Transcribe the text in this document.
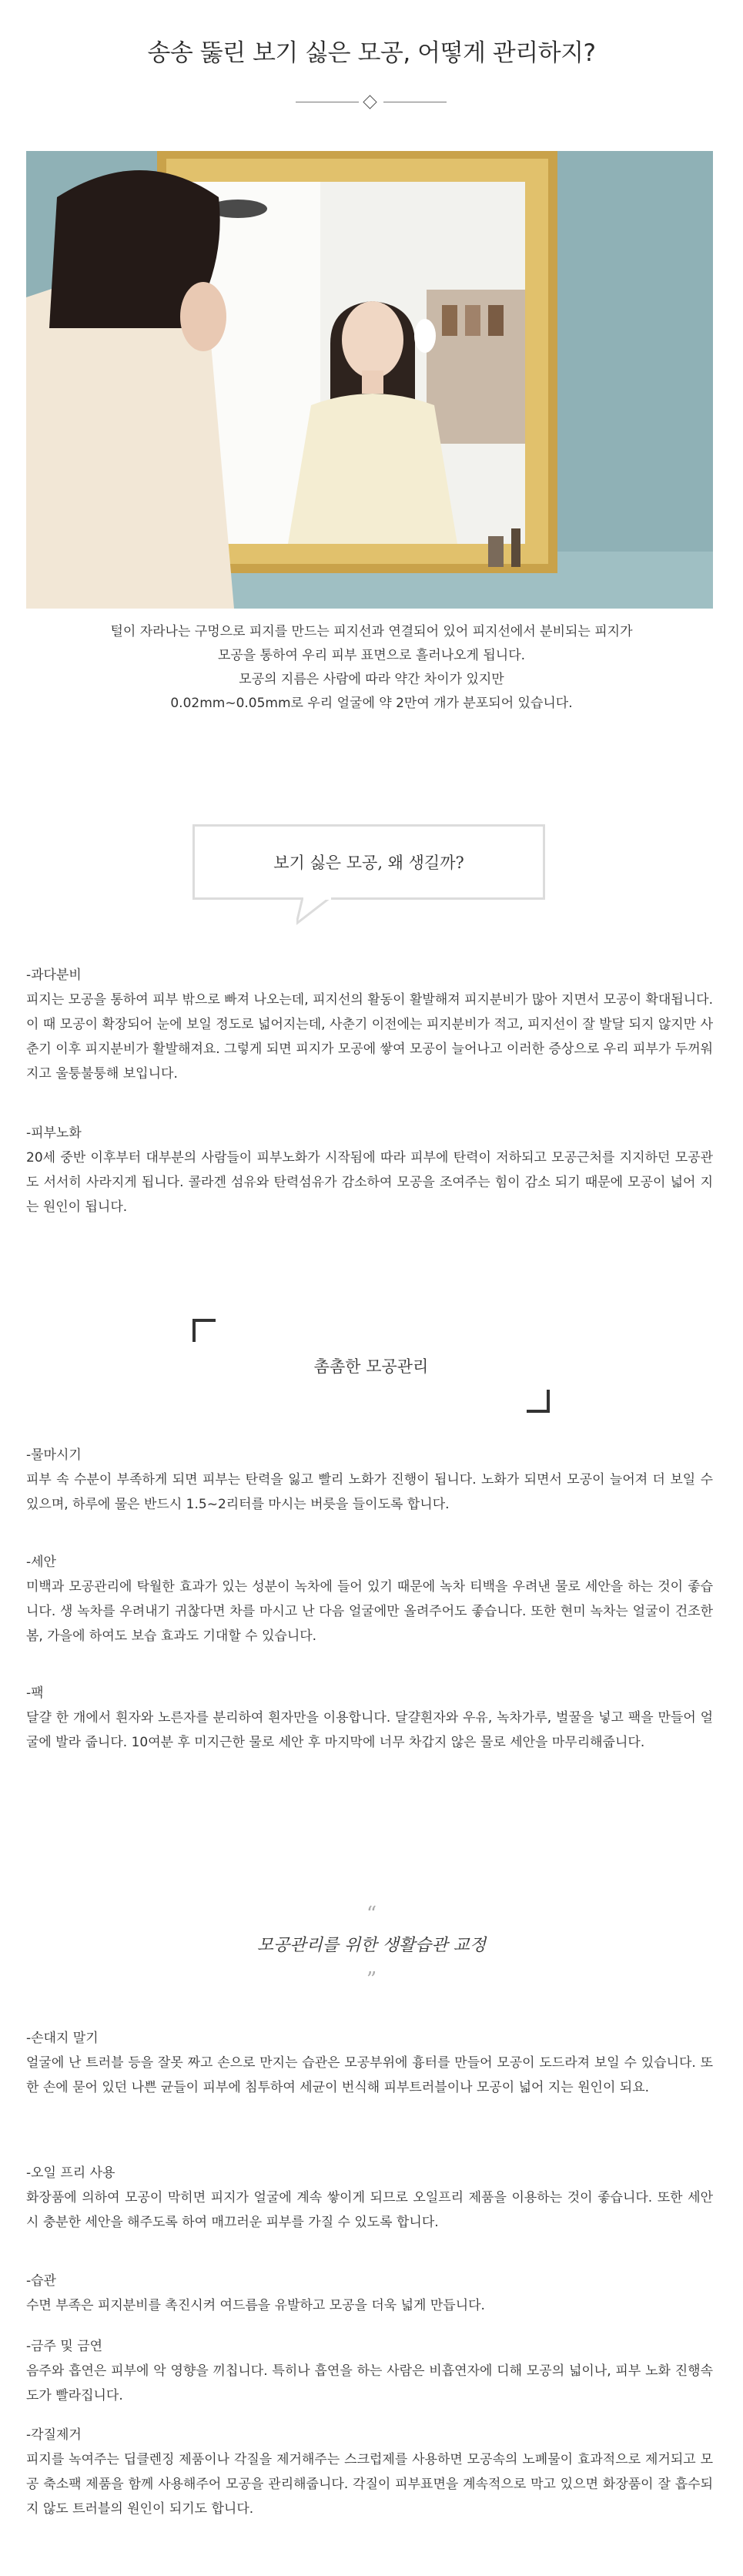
송송 뚫린 보기 싫은 모공, 어떻게 관리하지?

털이 자라나는 구멍으로 피지를 만드는 피지선과 연결되어 있어 피지선에서 분비되는 피지가

모공을 통하여 우리 피부 표면으로 흘러나오게 됩니다.

모공의 지름은 사람에 따라 약간 차이가 있지만

0.02mm~0.05mm로 우리 얼굴에 약 2만여 개가 분포되어 있습니다.

보기 싫은 모공, 왜 생길까?

-과다분비

피지는 모공을 통하여 피부 밖으로 빠져 나오는데, 피지선의 활동이 활발해져 피지분비가 많아 지면서 모공이 확대됩니다. 이 때 모공이 확장되어 눈에 보일 정도로 넓어지는데, 사춘기 이전에는 피지분비가 적고, 피지선이 잘 발달 되지 않지만 사춘기 이후 피지분비가 활발해져요. 그렇게 되면 피지가 모공에 쌓여 모공이 늘어나고 이러한 증상으로 우리 피부가 두꺼워 지고 울퉁불퉁해 보입니다.

-피부노화

20세 중반 이후부터 대부분의 사람들이 피부노화가 시작됨에 따라 피부에 탄력이 저하되고 모공근처를 지지하던 모공관도 서서히 사라지게 됩니다. 콜라겐 섬유와 탄력섬유가 감소하여 모공을 조여주는 힘이 감소 되기 때문에 모공이 넓어 지는 원인이 됩니다.

촘촘한 모공관리

-물마시기

피부 속 수분이 부족하게 되면 피부는 탄력을 잃고 빨리 노화가 진행이 됩니다. 노화가 되면서 모공이 늘어져 더 보일 수 있으며, 하루에 물은 반드시 1.5~2리터를 마시는 버릇을 들이도록 합니다.

-세안

미백과 모공관리에 탁월한 효과가 있는 성분이 녹차에 들어 있기 때문에 녹차 티백을 우려낸 물로 세안을 하는 것이 좋습니다. 생 녹차를 우려내기 귀찮다면 차를 마시고 난 다음 얼굴에만 올려주어도 좋습니다. 또한 현미 녹차는 얼굴이 건조한 봄, 가을에 하여도 보습 효과도 기대할 수 있습니다.

-팩

달걀 한 개에서 흰자와 노른자를 분리하여 흰자만을 이용합니다. 달걀흰자와 우유, 녹차가루, 벌꿀을 넣고 팩을 만들어 얼굴에 발라 줍니다. 10여분 후 미지근한 물로 세안 후 마지막에 너무 차갑지 않은 물로 세안을 마무리해줍니다.

“
모공관리를 위한 생활습관 교정
”

-손대지 말기

얼굴에 난 트러블 등을 잘못 짜고 손으로 만지는 습관은 모공부위에 흉터를 만들어 모공이 도드라져 보일 수 있습니다. 또한 손에 묻어 있던 나쁜 균들이 피부에 침투하여 세균이 번식해 피부트러블이나 모공이 넓어 지는 원인이 되요.

-오일 프리 사용

화장품에 의하여 모공이 막히면 피지가 얼굴에 계속 쌓이게 되므로 오일프리 제품을 이용하는 것이 좋습니다. 또한 세안 시 충분한 세안을 해주도록 하여 매끄러운 피부를 가질 수 있도록 합니다.

-습관

수면 부족은 피지분비를 촉진시켜 여드름을 유발하고 모공을 더욱 넓게 만듭니다.

-금주 및 금연

음주와 흡연은 피부에 악 영향을 끼칩니다. 특히나 흡연을 하는 사람은 비흡연자에 디해 모공의 넓이나, 피부 노화 진행속도가 빨라집니다.

-각질제거

피지를 녹여주는 딥클렌징 제품이나 각질을 제거해주는 스크럽제를 사용하면 모공속의 노폐물이 효과적으로 제거되고 모공 축소팩 제품을 함께 사용해주어 모공을 관리해줍니다. 각질이 피부표면을 계속적으로 막고 있으면 화장품이 잘 흡수되지 않도 트러블의 원인이 되기도 합니다.
